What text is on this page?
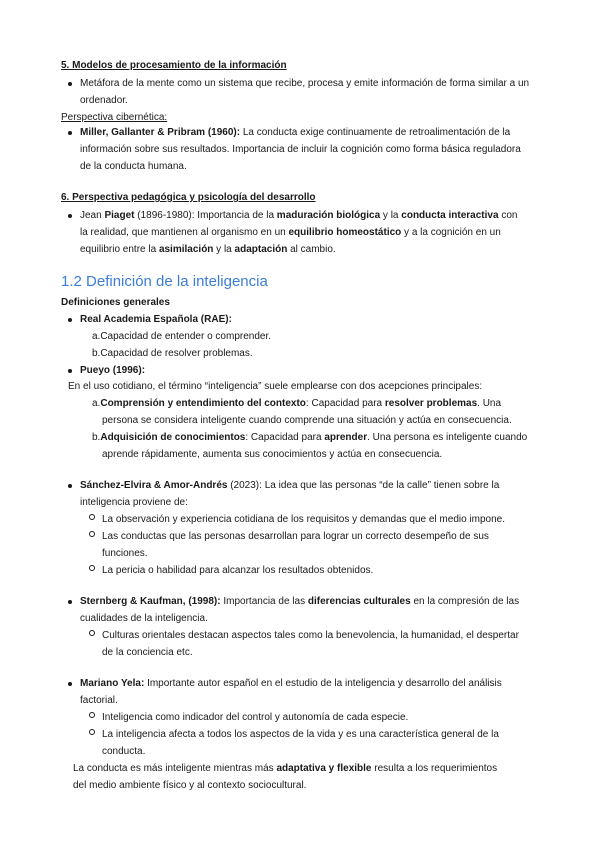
5. Modelos de procesamiento de la información
Metáfora de la mente como un sistema que recibe, procesa y emite información de forma similar a un
ordenador.
Perspectiva cibernética:
Miller, Gallanter & Pribram (1960): La conducta exige continuamente de retroalimentación de la
información sobre sus resultados. Importancia de incluir la cognición como forma básica reguladora
de la conducta humana.
6. Perspectiva pedagógica y psicología del desarrollo
Jean Piaget (1896-1980): Importancia de la maduración biológica y la conducta interactiva con
la realidad, que mantienen al organismo en un equilibrio homeostático y a la cognición en un
equilibrio entre la asimilación y la adaptación al cambio.
1.2 Definición de la inteligencia
Definiciones generales
Real Academia Española (RAE):
a.Capacidad de entender o comprender.
b.Capacidad de resolver problemas.
Pueyo (1996):
En el uso cotidiano, el término “inteligencia” suele emplearse con dos acepciones principales:
a.Comprensión y entendimiento del contexto: Capacidad para resolver problemas. Una
persona se considera inteligente cuando comprende una situación y actúa en consecuencia.
b.Adquisición de conocimientos: Capacidad para aprender. Una persona es inteligente cuando
aprende rápidamente, aumenta sus conocimientos y actúa en consecuencia.
Sánchez-Elvira & Amor-Andrés (2023): La idea que las personas “de la calle” tienen sobre la
inteligencia proviene de:
La observación y experiencia cotidiana de los requisitos y demandas que el medio impone.
Las conductas que las personas desarrollan para lograr un correcto desempeño de sus
funciones.
La pericia o habilidad para alcanzar los resultados obtenidos.
Sternberg & Kaufman, (1998): Importancia de las diferencias culturales en la compresión de las
cualidades de la inteligencia.
Culturas orientales destacan aspectos tales como la benevolencia, la humanidad, el despertar
de la conciencia etc.
Mariano Yela: Importante autor español en el estudio de la inteligencia y desarrollo del análisis
factorial.
Inteligencia como indicador del control y autonomía de cada especie.
La inteligencia afecta a todos los aspectos de la vida y es una característica general de la
conducta.
La conducta es más inteligente mientras más adaptativa y flexible resulta a los requerimientos
del medio ambiente físico y al contexto sociocultural.
